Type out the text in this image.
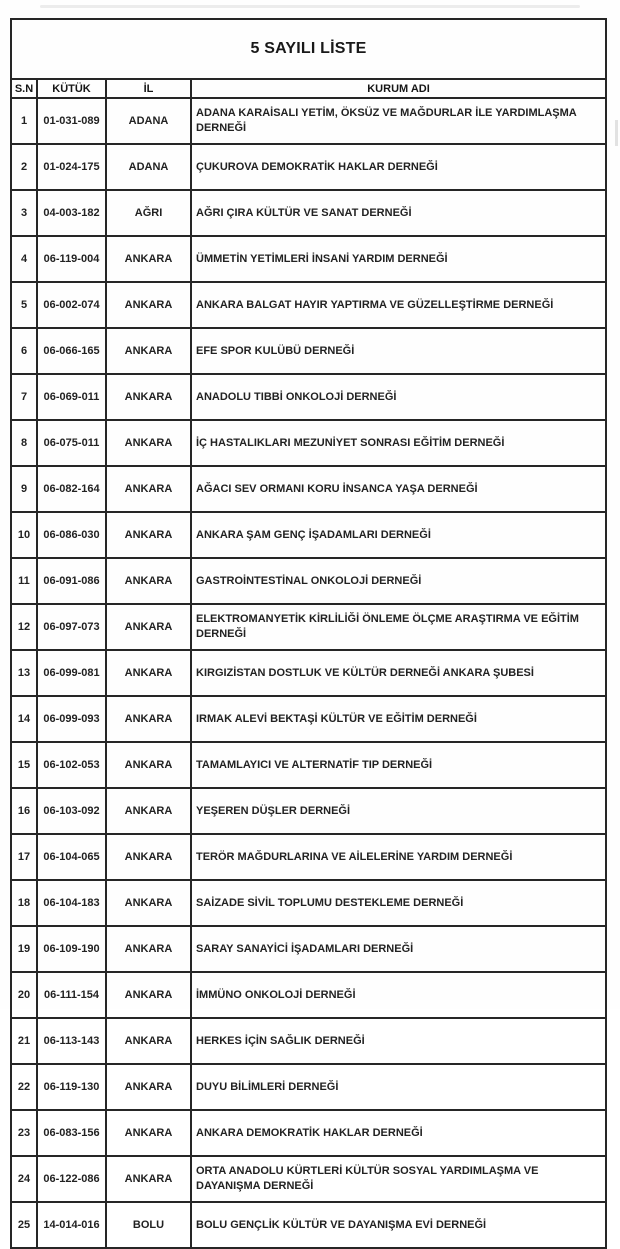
5 SAYILI LİSTE			
S.N	KÜTÜK	İL	KURUM ADI
1	01-031-089	ADANA	ADANA KARAİSALI YETİM, ÖKSÜZ VE MAĞDURLAR İLE YARDIMLAŞMA DERNEĞİ
2	01-024-175	ADANA	ÇUKUROVA DEMOKRATİK HAKLAR DERNEĞİ
3	04-003-182	AĞRI	AĞRI ÇIRA KÜLTÜR VE SANAT DERNEĞİ
4	06-119-004	ANKARA	ÜMMETİN YETİMLERİ İNSANİ YARDIM DERNEĞİ
5	06-002-074	ANKARA	ANKARA BALGAT HAYIR YAPTIRMA VE GÜZELLEŞTİRME DERNEĞİ
6	06-066-165	ANKARA	EFE SPOR KULÜBÜ DERNEĞİ
7	06-069-011	ANKARA	ANADOLU TIBBİ ONKOLOJİ DERNEĞİ
8	06-075-011	ANKARA	İÇ HASTALIKLARI MEZUNİYET SONRASI EĞİTİM DERNEĞİ
9	06-082-164	ANKARA	AĞACI SEV ORMANI KORU İNSANCA YAŞA DERNEĞİ
10	06-086-030	ANKARA	ANKARA ŞAM GENÇ İŞADAMLARI DERNEĞİ
11	06-091-086	ANKARA	GASTROİNTESTİNAL ONKOLOJİ DERNEĞİ
12	06-097-073	ANKARA	ELEKTROMANYETİK KİRLİLİĞİ ÖNLEME ÖLÇME ARAŞTIRMA VE EĞİTİM DERNEĞİ
13	06-099-081	ANKARA	KIRGIZİSTAN DOSTLUK VE KÜLTÜR DERNEĞİ ANKARA ŞUBESİ
14	06-099-093	ANKARA	IRMAK ALEVİ BEKTAŞİ KÜLTÜR VE EĞİTİM DERNEĞİ
15	06-102-053	ANKARA	TAMAMLAYICI VE ALTERNATİF TIP DERNEĞİ
16	06-103-092	ANKARA	YEŞEREN DÜŞLER DERNEĞİ
17	06-104-065	ANKARA	TERÖR MAĞDURLARINA VE AİLELERİNE YARDIM DERNEĞİ
18	06-104-183	ANKARA	SAİZADE SİVİL TOPLUMU DESTEKLEME DERNEĞİ
19	06-109-190	ANKARA	SARAY SANAYİCİ İŞADAMLARI DERNEĞİ
20	06-111-154	ANKARA	İMMÜNO ONKOLOJİ DERNEĞİ
21	06-113-143	ANKARA	HERKES İÇİN SAĞLIK DERNEĞİ
22	06-119-130	ANKARA	DUYU BİLİMLERİ DERNEĞİ
23	06-083-156	ANKARA	ANKARA DEMOKRATİK HAKLAR DERNEĞİ
24	06-122-086	ANKARA	ORTA ANADOLU KÜRTLERİ KÜLTÜR SOSYAL YARDIMLAŞMA VE DAYANIŞMA DERNEĞİ
25	14-014-016	BOLU	BOLU GENÇLİK KÜLTÜR VE DAYANIŞMA EVİ DERNEĞİ
